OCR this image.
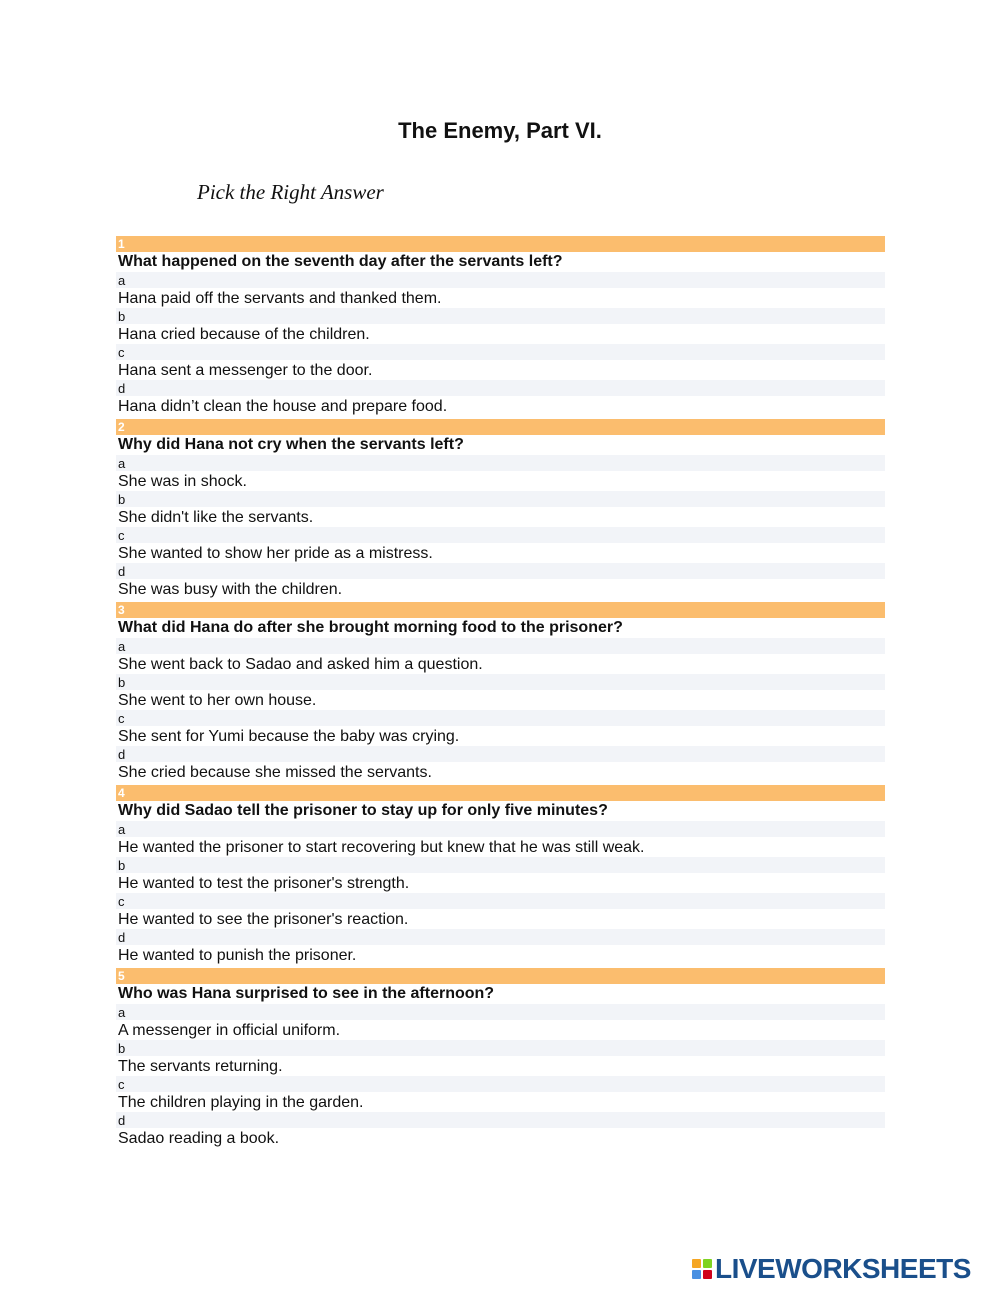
The Enemy, Part VI.
Pick the Right Answer
1
What happened on the seventh day after the servants left?
a
Hana paid off the servants and thanked them.
b
Hana cried because of the children.
c
Hana sent a messenger to the door.
d
Hana didn’t clean the house and prepare food.
2
Why did Hana not cry when the servants left?
a
She was in shock.
b
She didn't like the servants.
c
She wanted to show her pride as a mistress.
d
She was busy with the children.
3
What did Hana do after she brought morning food to the prisoner?
a
She went back to Sadao and asked him a question.
b
She went to her own house.
c
She sent for Yumi because the baby was crying.
d
She cried because she missed the servants.
4
Why did Sadao tell the prisoner to stay up for only five minutes?
a
He wanted the prisoner to start recovering but knew that he was still weak.
b
He wanted to test the prisoner's strength.
c
He wanted to see the prisoner's reaction.
d
He wanted to punish the prisoner.
5
Who was Hana surprised to see in the afternoon?
a
A messenger in official uniform.
b
The servants returning.
c
The children playing in the garden.
d
Sadao reading a book.
LIVEWORKSHEETS
